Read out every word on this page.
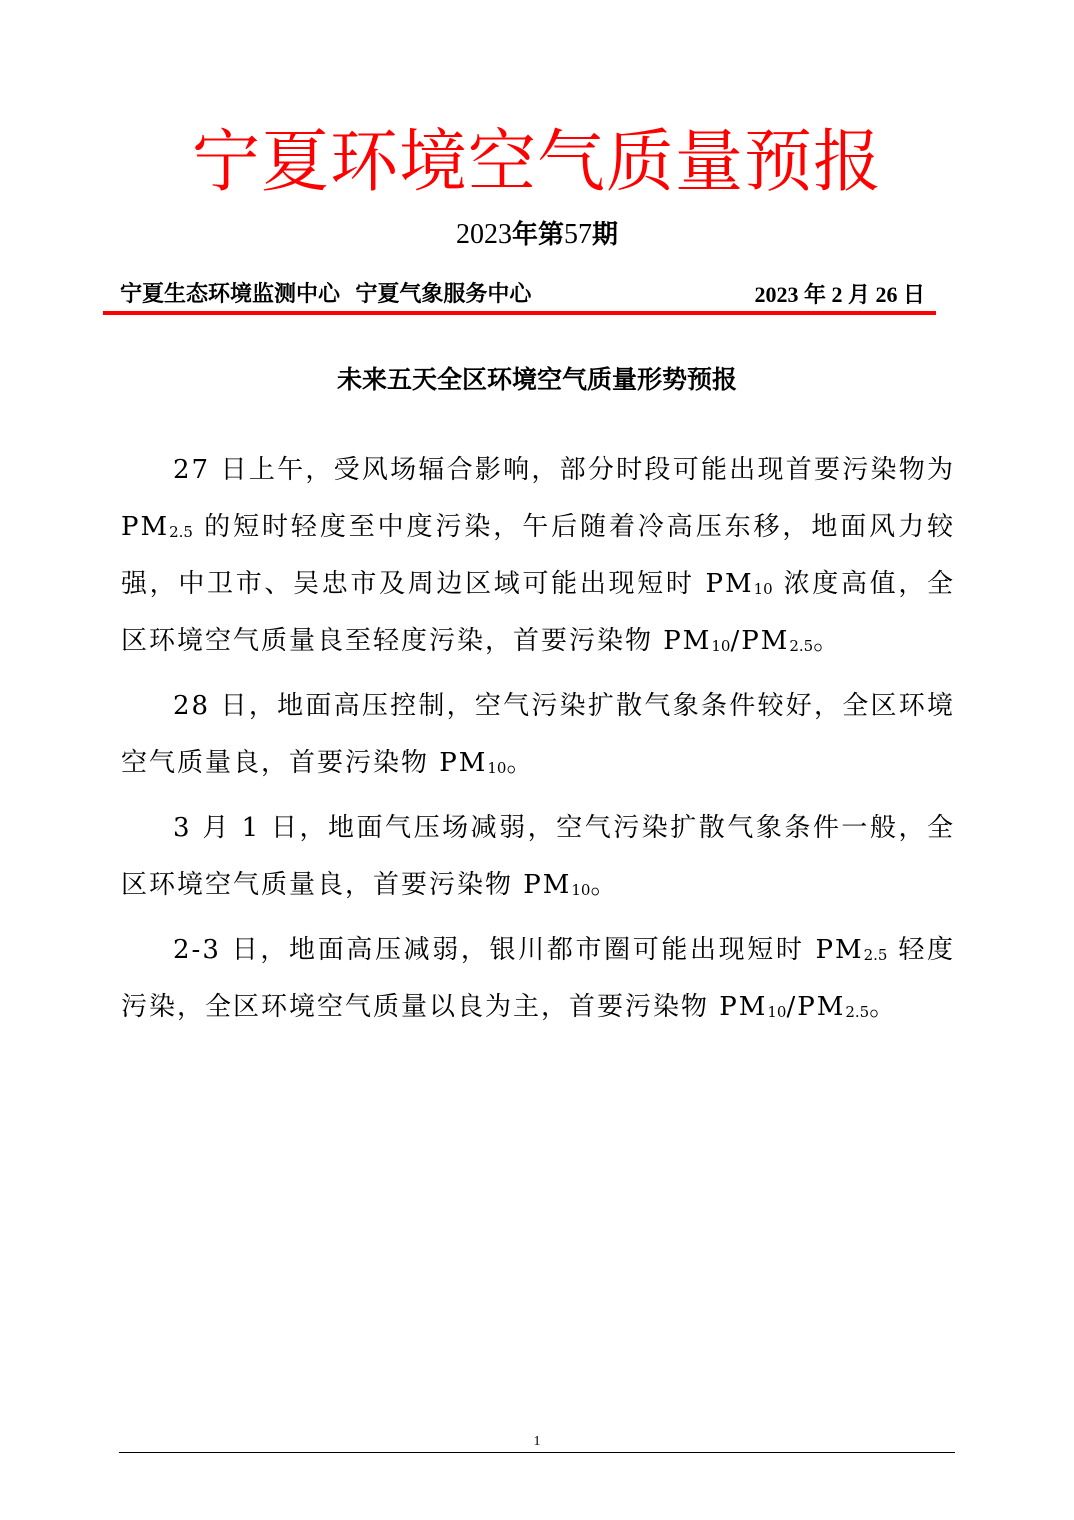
宁夏环境空气质量预报
2023年第57期
宁夏生态环境监测中心  宁夏气象服务中心	2023 年 2 月 26 日
未来五天全区环境空气质量形势预报

27 日上午，受风场辐合影响，部分时段可能出现首要污染物为 $PM_{2.5}$ 的短时轻度至中度污染，午后随着冷高压东移，地面风力较强，中卫市、吴忠市及周边区域可能出现短时 $PM_{10}$ 浓度高值，全区环境空气质量良至轻度污染，首要污染物 $PM_{10}/PM_{2.5}$。

28 日，地面高压控制，空气污染扩散气象条件较好，全区环境空气质量良，首要污染物 $PM_{10}$。

3 月 1 日，地面气压场减弱，空气污染扩散气象条件一般，全区环境空气质量良，首要污染物 $PM_{10}$。

2-3 日，地面高压减弱，银川都市圈可能出现短时 $PM_{2.5}$ 轻度污染，全区环境空气质量以良为主，首要污染物 $PM_{10}/PM_{2.5}$。

1
